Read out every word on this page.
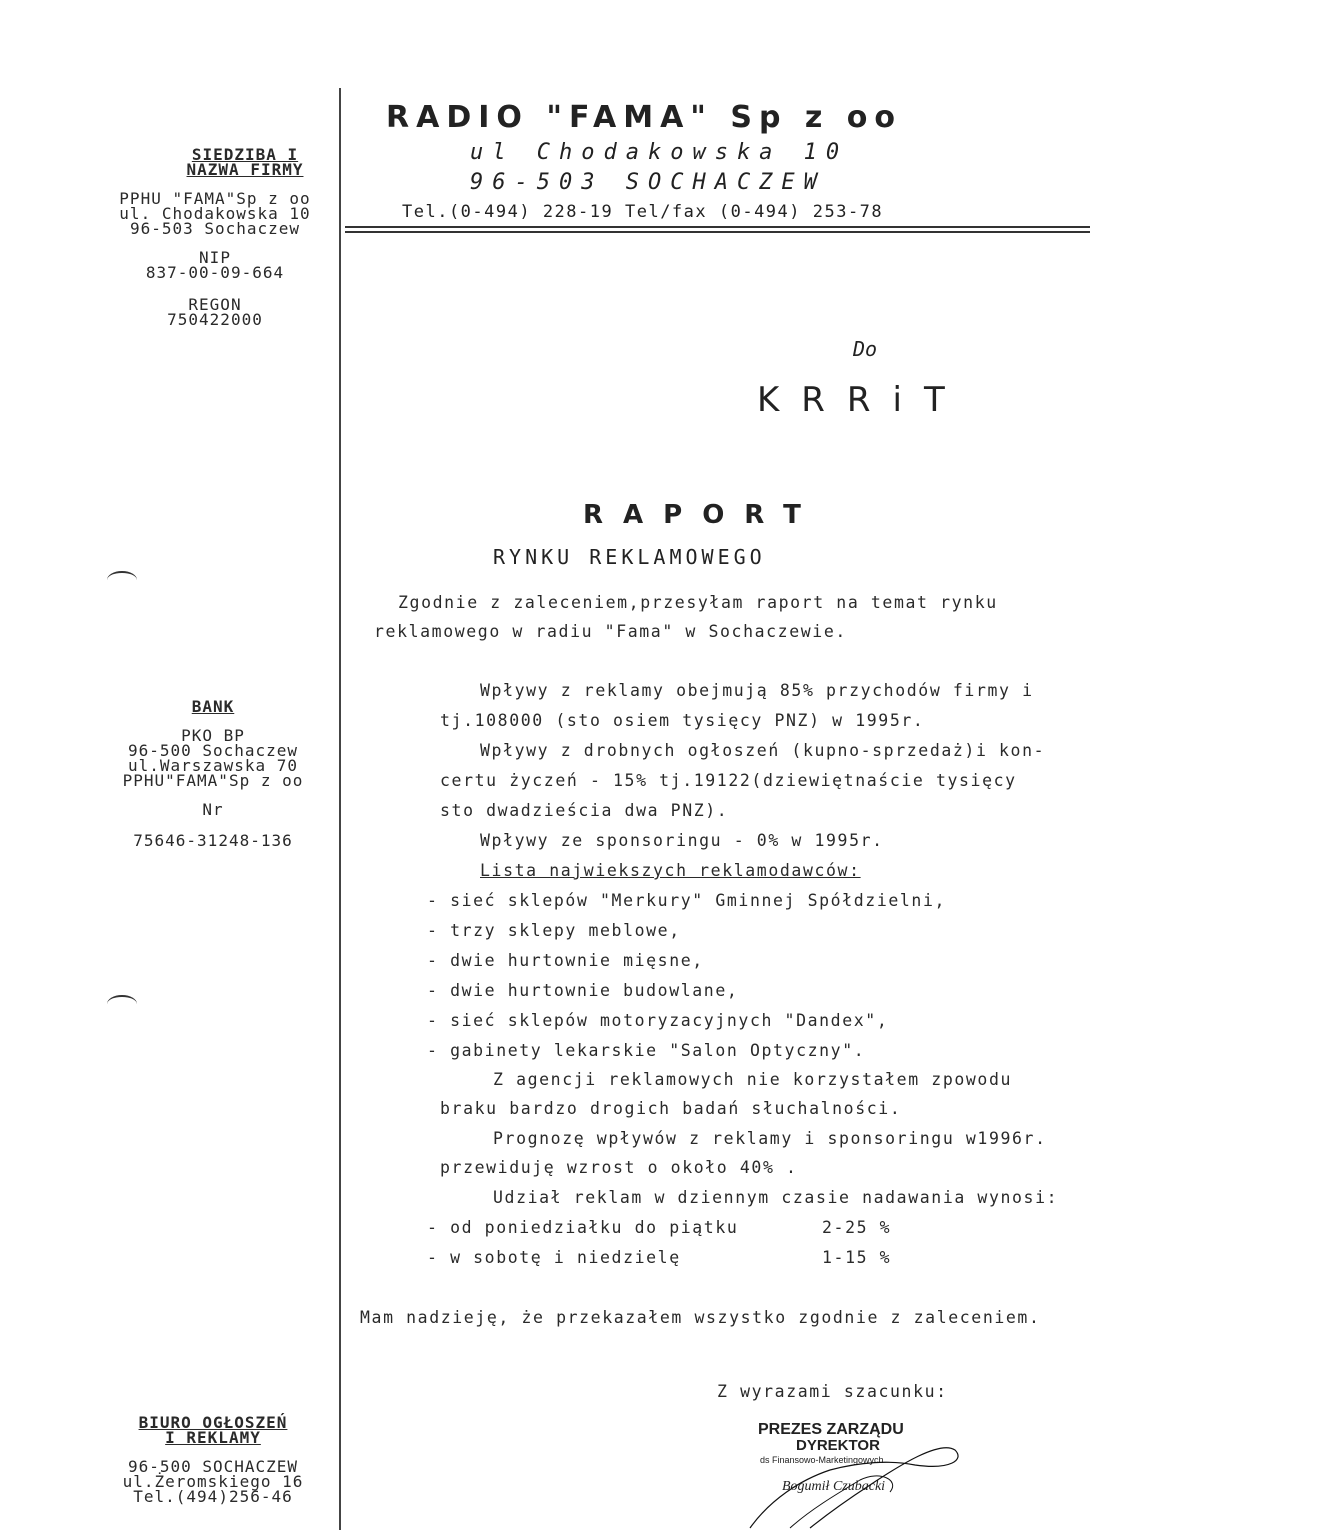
SIEDZIBA I
NAZWA FIRMY
PPHU "FAMA"Sp z oo
ul. Chodakowska 10
96-503 Sochaczew
NIP
837-00-09-664
REGON
750422000
BANK
PKO BP
96-500 Sochaczew
ul.Warszawska 70
PPHU"FAMA"Sp z oo
Nr
75646-31248-136
BIURO OGŁOSZEŃ
I REKLAMY
96-500 SOCHACZEW
ul.Żeromskiego 16
Tel.(494)256-46
RADIO "FAMA" Sp z oo
ul Chodakowska 10
96-503 SOCHACZEW
Tel.(0-494) 228-19 Tel/fax (0-494) 253-78
Do
KRRiT
RAPORT
RYNKU REKLAMOWEGO
Zgodnie z zaleceniem,przesyłam raport na temat rynku
reklamowego w radiu "Fama" w Sochaczewie.
Wpływy z reklamy obejmują 85% przychodów firmy i
tj.108000 (sto osiem tysięcy PNZ) w 1995r.
Wpływy z drobnych ogłoszeń (kupno-sprzedaż)i kon-
certu życzeń - 15% tj.19122(dziewiętnaście tysięcy
sto dwadzieścia dwa PNZ).
Wpływy ze sponsoringu - 0% w 1995r.
Lista najwiekszych reklamodawców:
- sieć sklepów "Merkury" Gminnej Spółdzielni,
- trzy sklepy meblowe,
- dwie hurtownie mięsne,
- dwie hurtownie budowlane,
- sieć sklepów motoryzacyjnych "Dandex",
- gabinety lekarskie "Salon Optyczny".
Z agencji reklamowych nie korzystałem zpowodu
braku bardzo drogich badań słuchalności.
Prognozę wpływów z reklamy i sponsoringu w1996r.
przewiduję wzrost o około 40% .
Udział reklam w dziennym czasie nadawania wynosi:
- od poniedziałku do piątku	2-25 %
- w sobotę i niedzielę	1-15 %
Mam nadzieję, że przekazałem wszystko zgodnie z zaleceniem.
Z wyrazami szacunku:
PREZES ZARZĄDU
DYREKTOR
ds Finansowo-Marketingowych
Bogumił Czubacki
